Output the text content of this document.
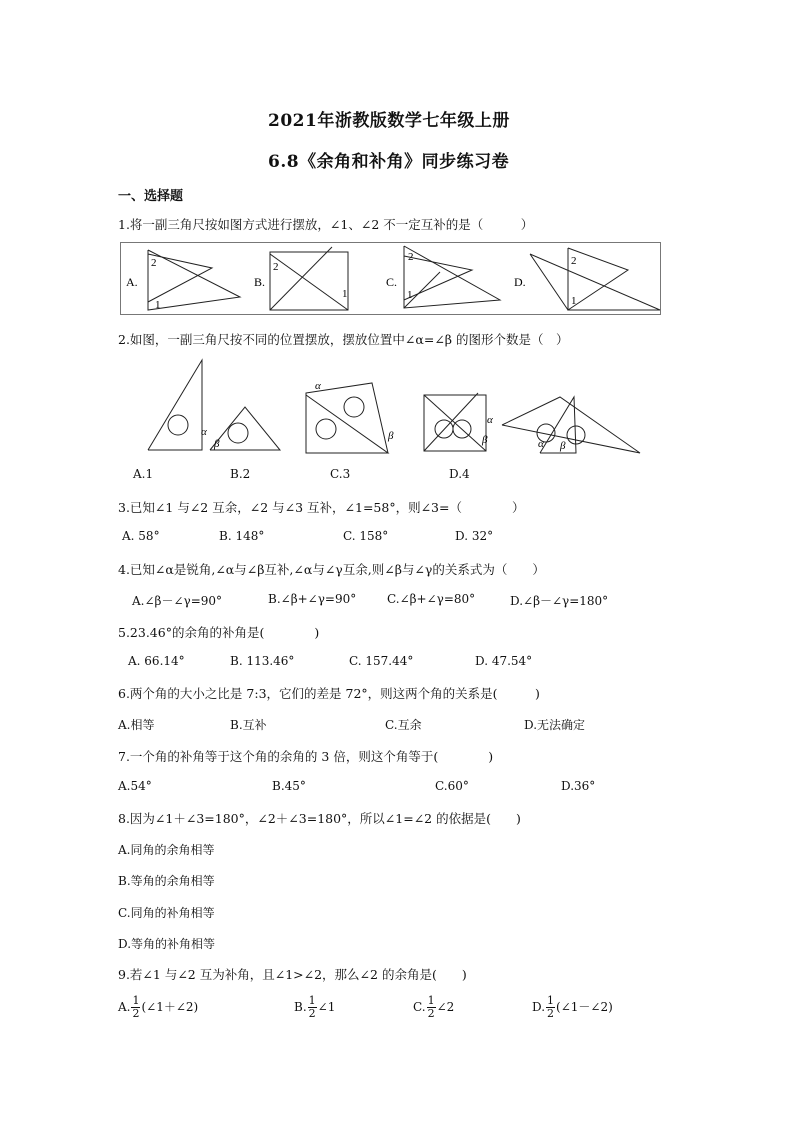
2021年浙教版数学七年级上册
6.8《余角和补角》同步练习卷
一、选择题
1.将一副三角尺按如图方式进行摆放，∠1、∠2 不一定互补的是（　　　）
A.
2
1
B.
2
1
C.
2
1
D.
2
1
2.如图，一副三角尺按不同的位置摆放，摆放位置中∠α=∠β 的图形个数是（　）
α
β
α
β
α
β	α β
A.1	B.2	C.3	D.4
3.已知∠1 与∠2 互余，∠2 与∠3 互补，∠1=58°，则∠3=（　　　　）
A. 58°	B. 148°	C. 158°	D. 32°
4.已知∠α是锐角,∠α与∠β互补,∠α与∠γ互余,则∠β与∠γ的关系式为（　　）
A.∠β－∠γ=90°	B.∠β+∠γ=90°	C.∠β+∠γ=80°	D.∠β－∠γ=180°
5.23.46°的余角的补角是(　　　　)
A. 66.14°	B. 113.46°	C. 157.44°	D. 47.54°
6.两个角的大小之比是 7:3，它们的差是 72°，则这两个角的关系是(　　　)
A.相等	B.互补	C.互余	D.无法确定
7.一个角的补角等于这个角的余角的 3 倍，则这个角等于(　　　　)
A.54°	B.45°	C.60°	D.36°
8.因为∠1＋∠3=180°，∠2＋∠3=180°，所以∠1=∠2 的依据是(　　)
A.同角的余角相等
B.等角的余角相等
C.同角的补角相等
D.等角的补角相等
9.若∠1 与∠2 互为补角，且∠1>∠2，那么∠2 的余角是(　　)
A. $\frac{1}{2}$ (∠1＋∠2)	B. $\frac{1}{2}$ ∠1	C. $\frac{1}{2}$ ∠2	D. $\frac{1}{2}$ (∠1－∠2)
